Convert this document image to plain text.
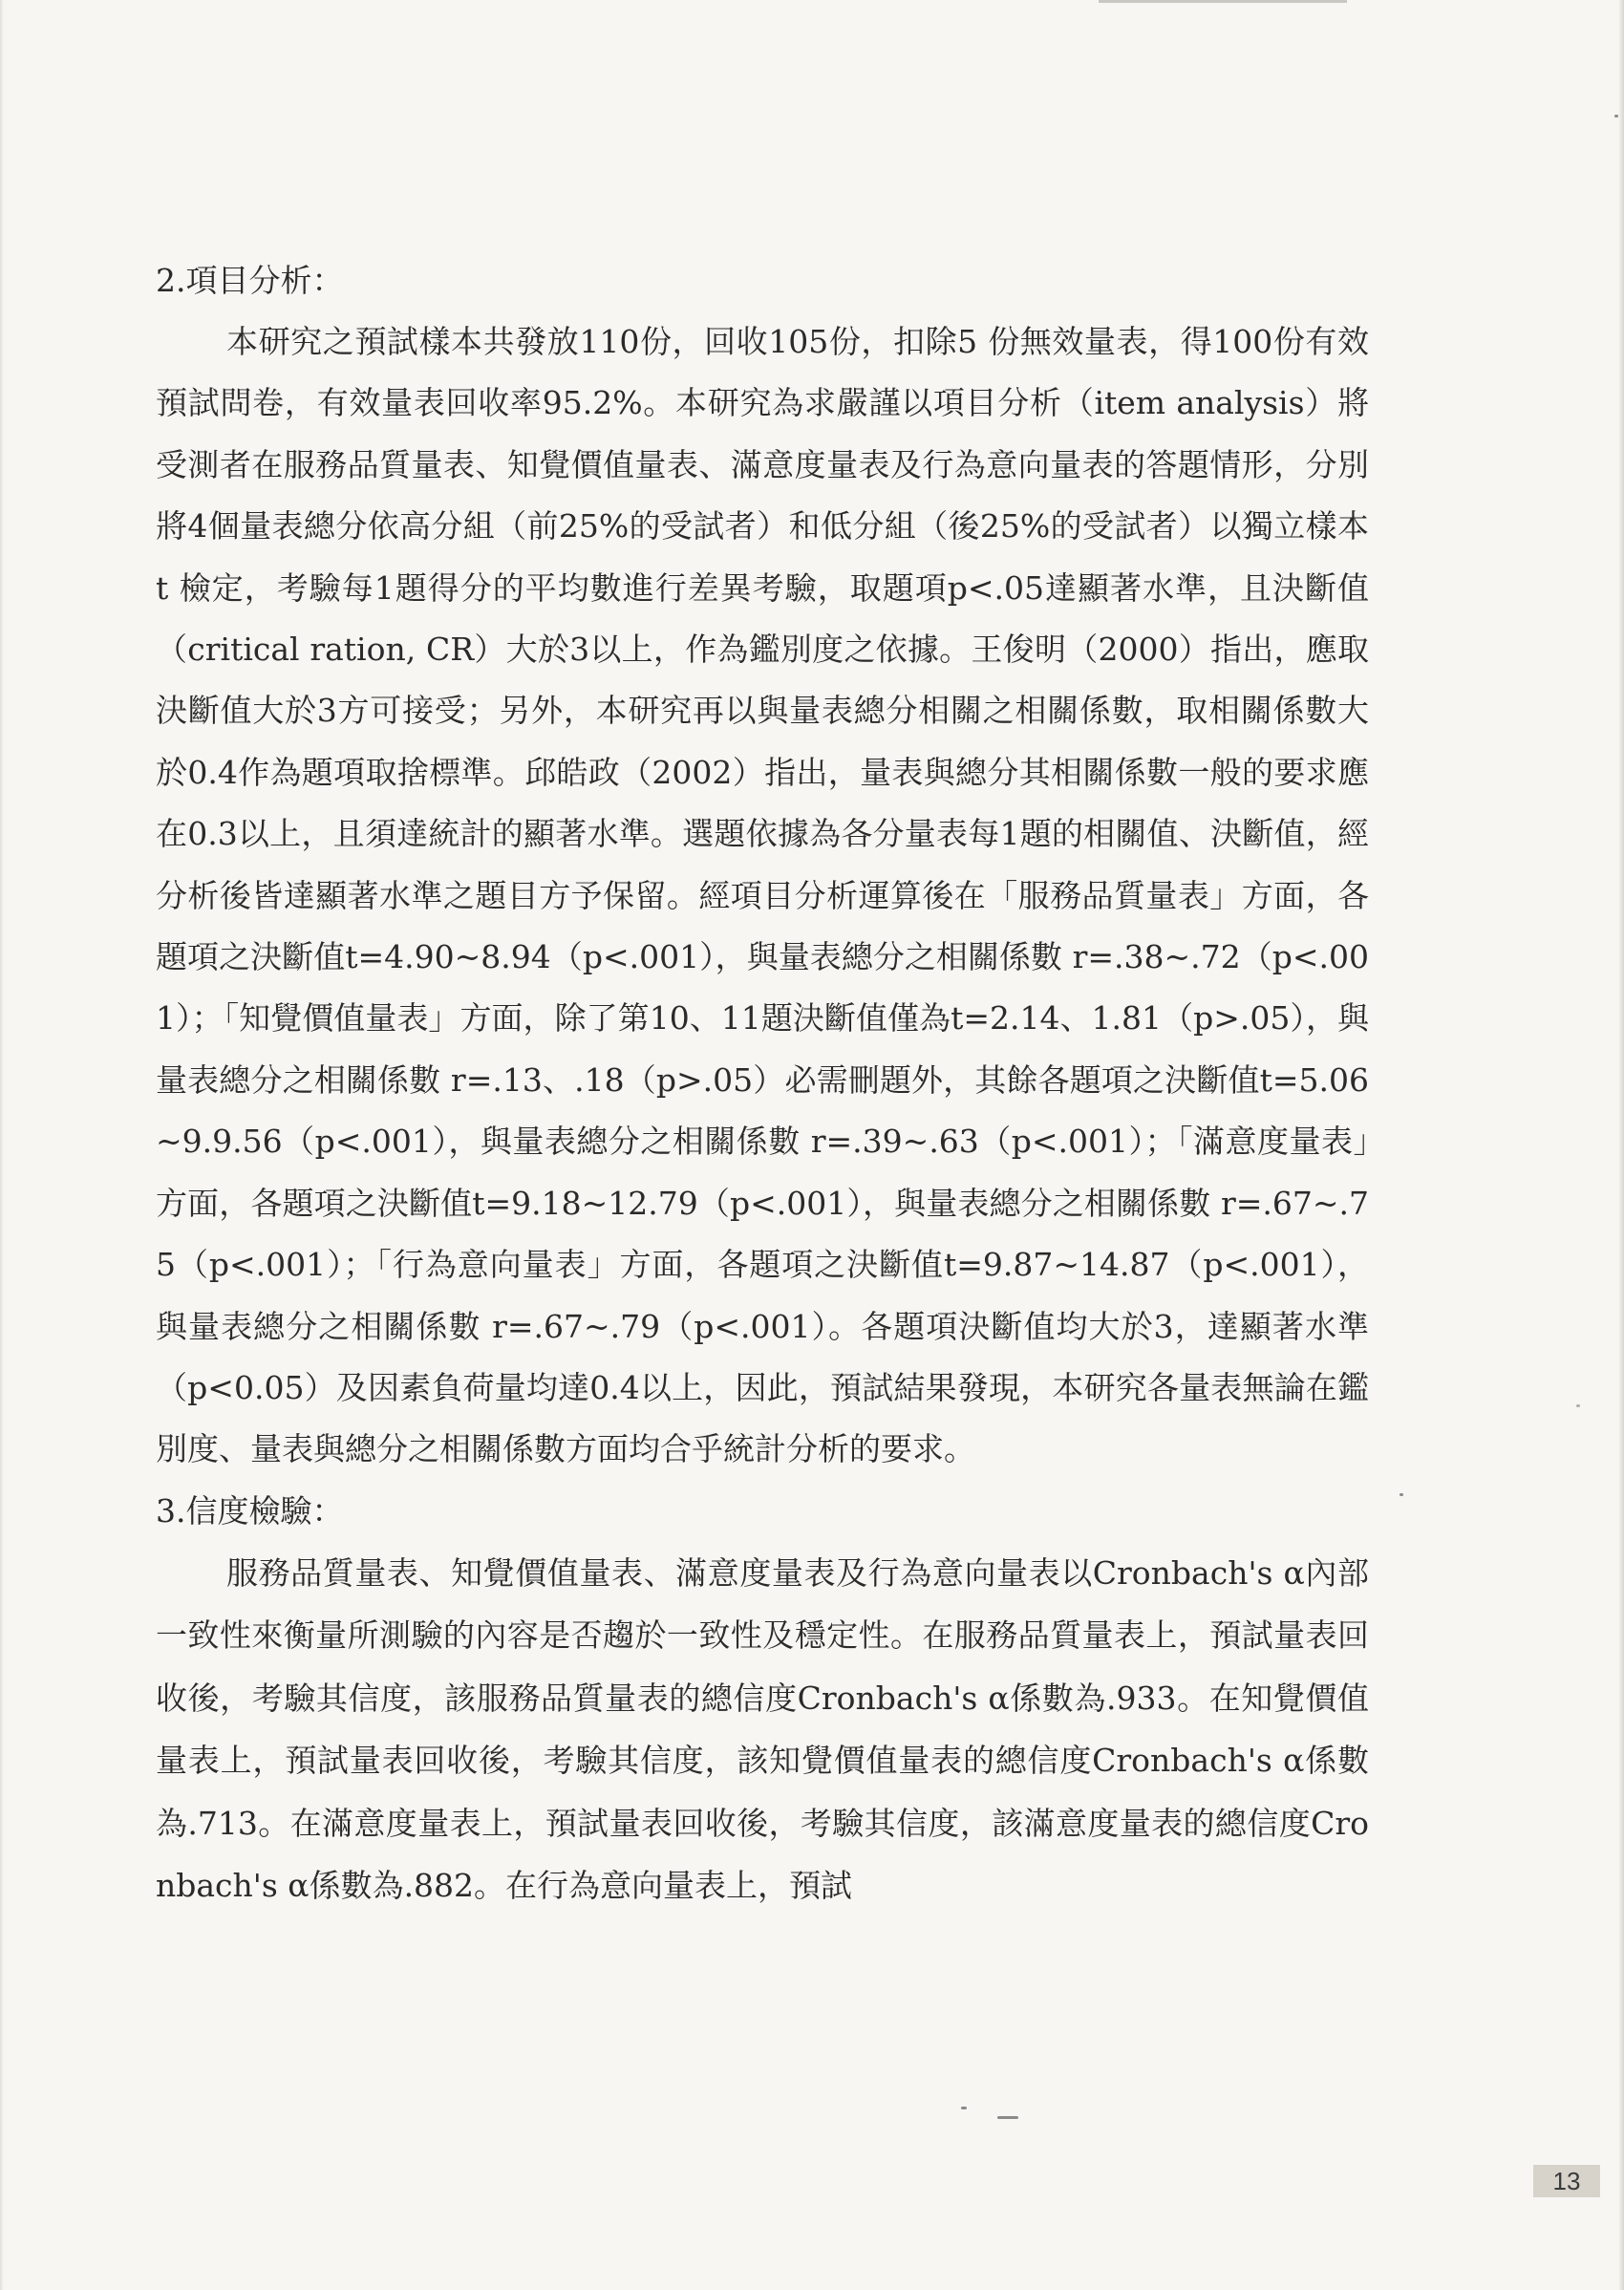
2.項目分析：

本研究之預試樣本共發放110份，回收105份，扣除5 份無效量表，得100份有效預試問卷，有效量表回收率95.2%。本研究為求嚴謹以項目分析（item analysis）將受測者在服務品質量表、知覺價值量表、滿意度量表及行為意向量表的答題情形，分別將4個量表總分依高分組（前25%的受試者）和低分組（後25%的受試者）以獨立樣本 t 檢定，考驗每1題得分的平均數進行差異考驗，取題項p<.05達顯著水準，且決斷值（critical ration, CR）大於3以上，作為鑑別度之依據。王俊明（2000）指出，應取決斷值大於3方可接受；另外，本研究再以與量表總分相關之相關係數，取相關係數大於0.4作為題項取捨標準。邱皓政（2002）指出，量表與總分其相關係數一般的要求應在0.3以上，且須達統計的顯著水準。選題依據為各分量表每1題的相關值、決斷值，經分析後皆達顯著水準之題目方予保留。經項目分析運算後在「服務品質量表」方面，各題項之決斷值t=4.90~8.94（p<.001），與量表總分之相關係數 r=.38~.72（p<.001）；「知覺價值量表」方面，除了第10、11題決斷值僅為t=2.14、1.81（p>.05），與量表總分之相關係數 r=.13、.18（p>.05）必需刪題外，其餘各題項之決斷值t=5.06~9.9.56（p<.001），與量表總分之相關係數 r=.39~.63（p<.001）；「滿意度量表」方面，各題項之決斷值t=9.18~12.79（p<.001），與量表總分之相關係數 r=.67~.75（p<.001）；「行為意向量表」方面，各題項之決斷值t=9.87~14.87（p<.001），與量表總分之相關係數 r=.67~.79（p<.001）。各題項決斷值均大於3，達顯著水準（p<0.05）及因素負荷量均達0.4以上，因此，預試結果發現，本研究各量表無論在鑑別度、量表與總分之相關係數方面均合乎統計分析的要求。

3.信度檢驗：

服務品質量表、知覺價值量表、滿意度量表及行為意向量表以Cronbach's α內部一致性來衡量所測驗的內容是否趨於一致性及穩定性。在服務品質量表上，預試量表回收後，考驗其信度，該服務品質量表的總信度Cronbach's α係數為.933。在知覺價值量表上，預試量表回收後，考驗其信度，該知覺價值量表的總信度Cronbach's α係數為.713。在滿意度量表上，預試量表回收後，考驗其信度，該滿意度量表的總信度Cronbach's α係數為.882。在行為意向量表上，預試

13
